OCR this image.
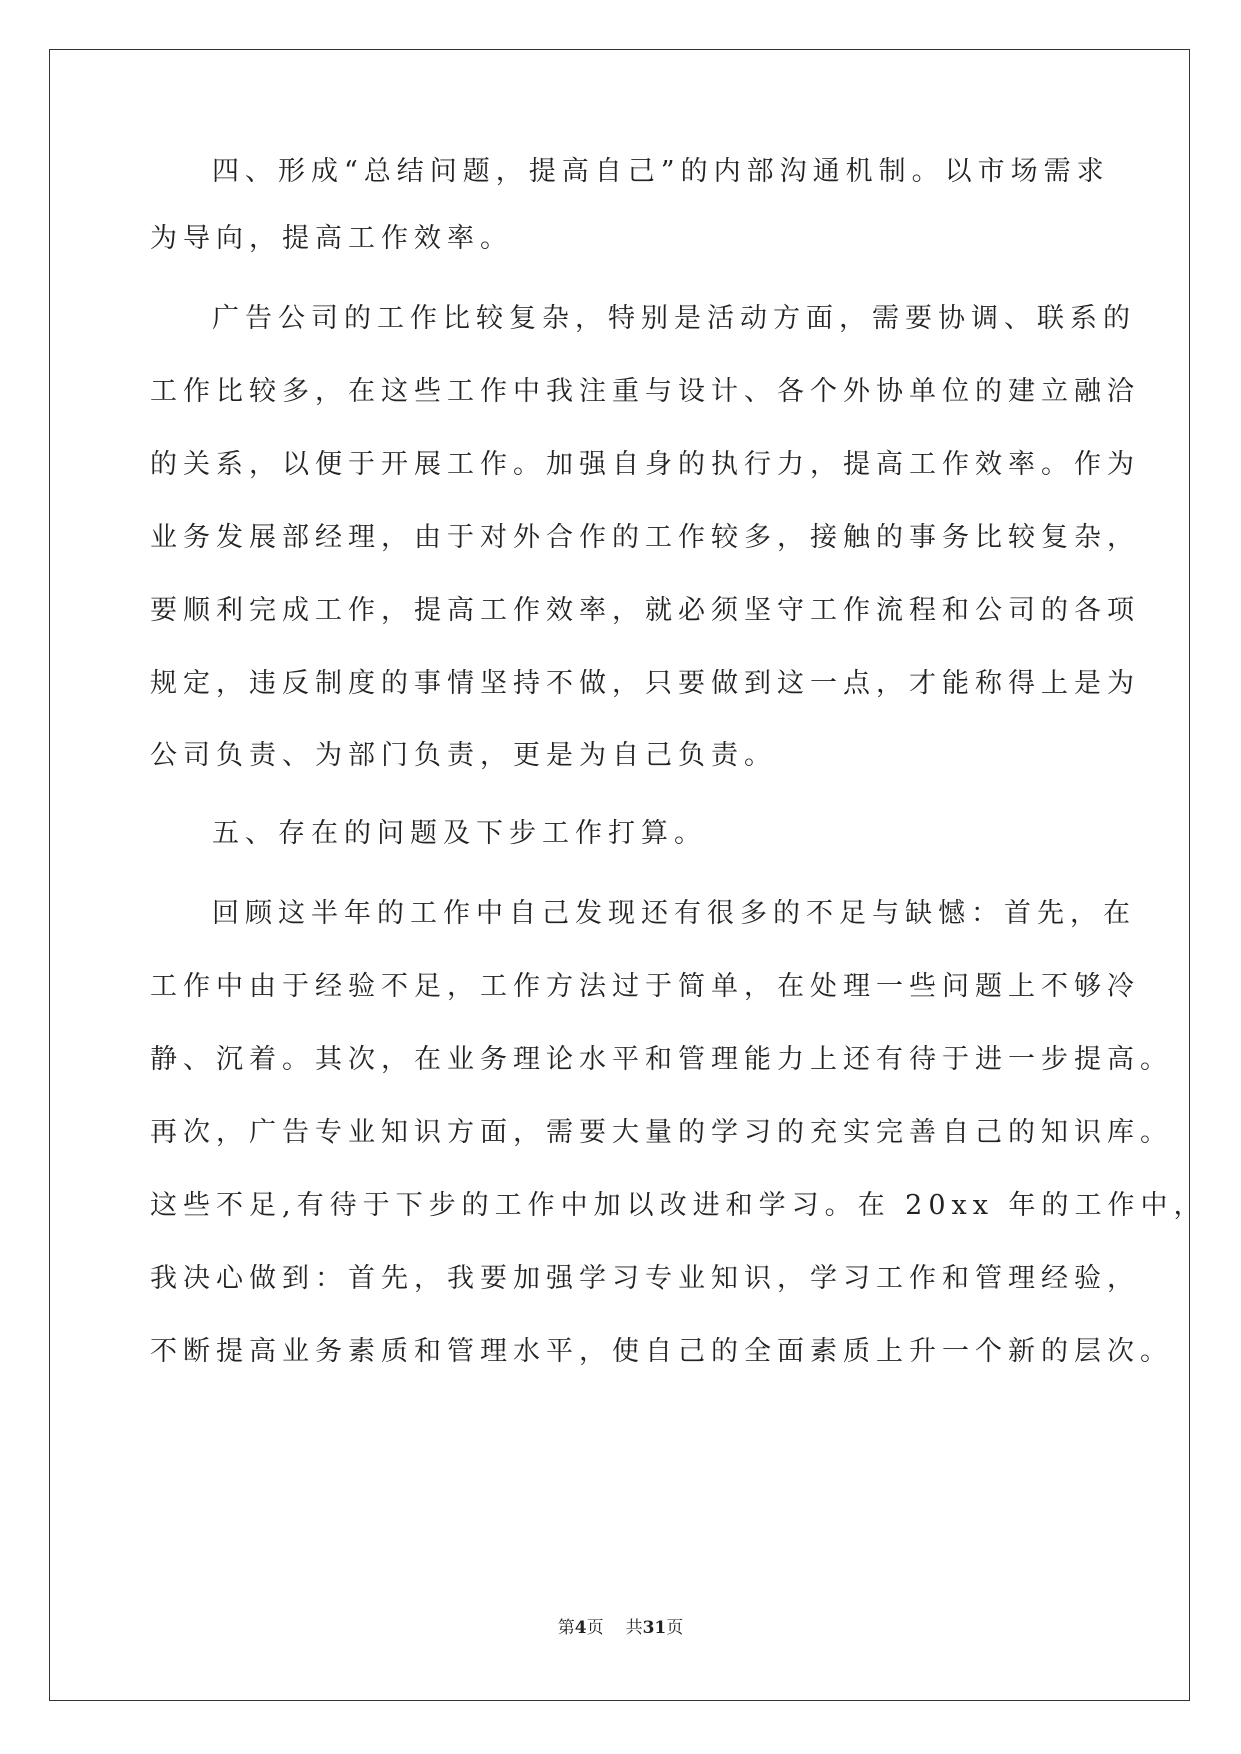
四、形成“总结问题，提高自己”的内部沟通机制。以市场需求
为导向，提高工作效率。
广告公司的工作比较复杂，特别是活动方面，需要协调、联系的
工作比较多，在这些工作中我注重与设计、各个外协单位的建立融洽
的关系，以便于开展工作。加强自身的执行力，提高工作效率。作为
业务发展部经理，由于对外合作的工作较多，接触的事务比较复杂，
要顺利完成工作，提高工作效率，就必须坚守工作流程和公司的各项
规定，违反制度的事情坚持不做，只要做到这一点，才能称得上是为
公司负责、为部门负责，更是为自己负责。
五、存在的问题及下步工作打算。
回顾这半年的工作中自己发现还有很多的不足与缺憾：首先，在
工作中由于经验不足，工作方法过于简单，在处理一些问题上不够冷
静、沉着。其次，在业务理论水平和管理能力上还有待于进一步提高。
再次，广告专业知识方面，需要大量的学习的充实完善自己的知识库。
这些不足,有待于下步的工作中加以改进和学习。在 20xx 年的工作中，
我决心做到：首先，我要加强学习专业知识，学习工作和管理经验，
不断提高业务素质和管理水平，使自己的全面素质上升一个新的层次。
第4页 共31页
